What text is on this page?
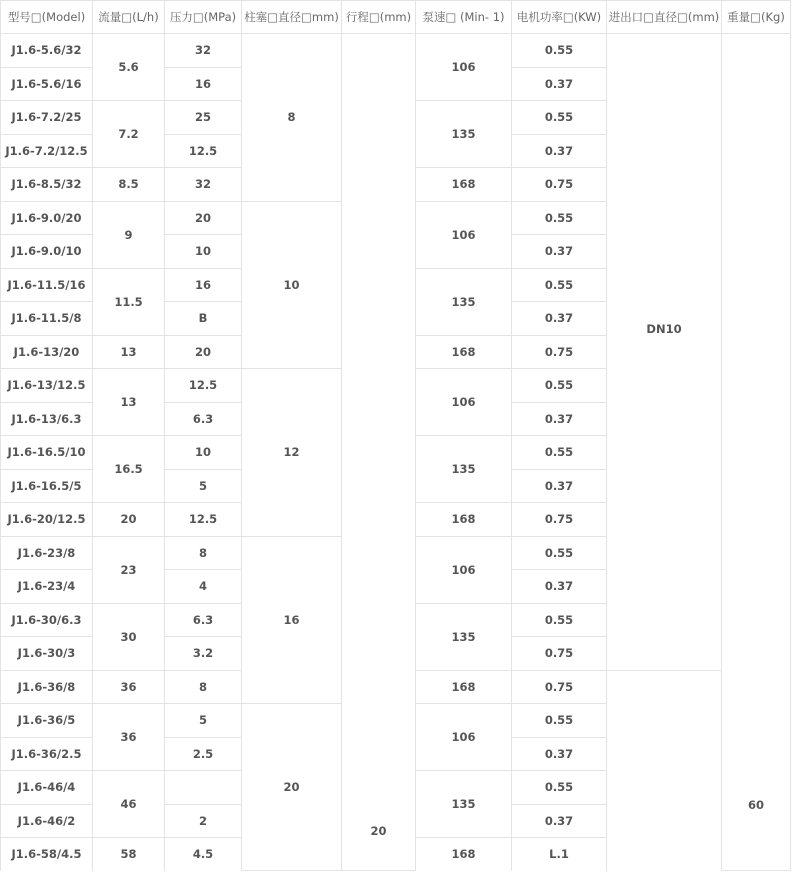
型号□(Model)	流量□(L/h)	压力□(MPa)	柱塞□直径□mm)	行程□(mm)	泵速□ (Min- 1)	电机功率□(KW)	进出口□直径□(mm)	重量□(Kg)
J1.6-5.6/32	5.6	32	8	20	106	0.55	DN10	60
J1.6-5.6/16		16				0.37		
J1.6-7.2/25	7.2	25			135	0.55		
J1.6-7.2/12.5		12.5				0.37		
J1.6-8.5/32	8.5	32			168	0.75		
J1.6-9.0/20	9	20	10		106	0.55		
J1.6-9.0/10		10				0.37		
J1.6-11.5/16	11.5	16			135	0.55		
J1.6-11.5/8		B				0.37		
J1.6-13/20	13	20			168	0.75		
J1.6-13/12.5	13	12.5	12		106	0.55		
J1.6-13/6.3		6.3				0.37		
J1.6-16.5/10	16.5	10			135	0.55		
J1.6-16.5/5		5				0.37		
J1.6-20/12.5	20	12.5			168	0.75		
J1.6-23/8	23	8	16		106	0.55		
J1.6-23/4		4				0.37		
J1.6-30/6.3	30	6.3			135	0.55		
J1.6-30/3		3.2				0.75		
J1.6-36/8	36	8			168	0.75		
J1.6-36/5	36	5	20		106	0.55		
J1.6-36/2.5		2.5				0.37		
J1.6-46/4	46				135	0.55		
J1.6-46/2		2				0.37		
J1.6-58/4.5	58	4.5			168	L.1		
